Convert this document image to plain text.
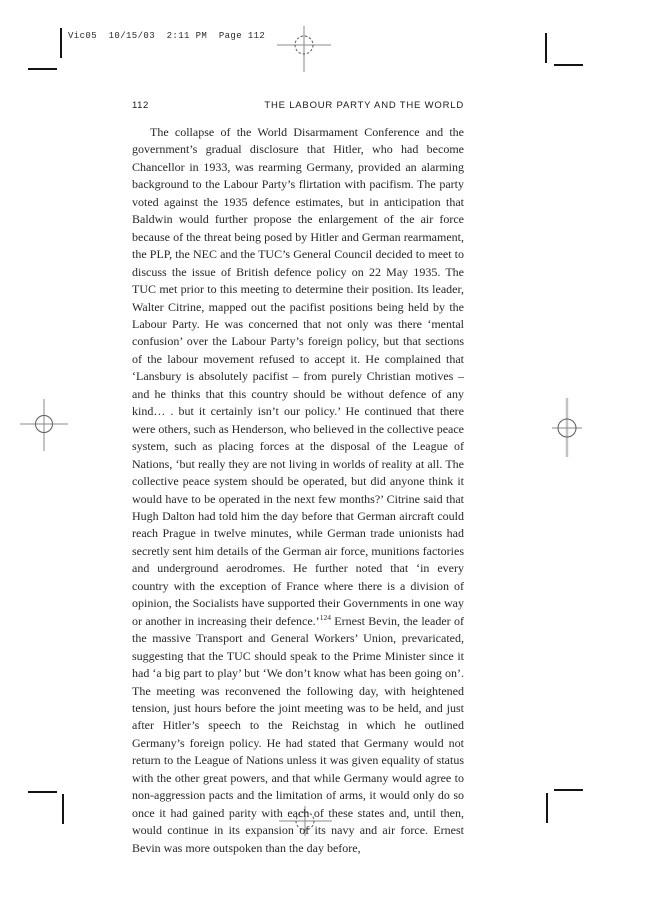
Vic05  10/15/03  2:11 PM  Page 112
112	THE LABOUR PARTY AND THE WORLD

The collapse of the World Disarmament Conference and the government’s gradual disclosure that Hitler, who had become Chancellor in 1933, was rearming Germany, provided an alarming background to the Labour Party’s flirtation with pacifism. The party voted against the 1935 defence estimates, but in anticipation that Baldwin would further propose the enlargement of the air force because of the threat being posed by Hitler and German rearmament, the PLP, the NEC and the TUC’s General Council decided to meet to discuss the issue of British defence policy on 22 May 1935. The TUC met prior to this meeting to determine their position. Its leader, Walter Citrine, mapped out the pacifist positions being held by the Labour Party. He was concerned that not only was there ‘mental confusion’ over the Labour Party’s foreign policy, but that sections of the labour movement refused to accept it. He complained that ‘Lansbury is absolutely pacifist – from purely Christian motives – and he thinks that this country should be without defence of any kind… . but it certainly isn’t our policy.’ He continued that there were others, such as Henderson, who believed in the collective peace system, such as placing forces at the disposal of the League of Nations, ‘but really they are not living in worlds of reality at all. The collective peace system should be operated, but did anyone think it would have to be operated in the next few months?’ Citrine said that Hugh Dalton had told him the day before that German aircraft could reach Prague in twelve minutes, while German trade unionists had secretly sent him details of the German air force, munitions factories and underground aerodromes. He further noted that ‘in every country with the exception of France where there is a division of opinion, the Socialists have supported their Governments in one way or another in increasing their defence.’$^{124}$ Ernest Bevin, the leader of the massive Transport and General Workers’ Union, prevaricated, suggesting that the TUC should speak to the Prime Minister since it had ‘a big part to play’ but ‘We don’t know what has been going on’. The meeting was reconvened the following day, with heightened tension, just hours before the joint meeting was to be held, and just after Hitler’s speech to the Reichstag in which he outlined Germany’s foreign policy. He had stated that Germany would not return to the League of Nations unless it was given equality of status with the other great powers, and that while Germany would agree to non-aggression pacts and the limitation of arms, it would only do so once it had gained parity with each of these states and, until then, would continue in its expansion of its navy and air force. Ernest Bevin was more outspoken than the day before,
